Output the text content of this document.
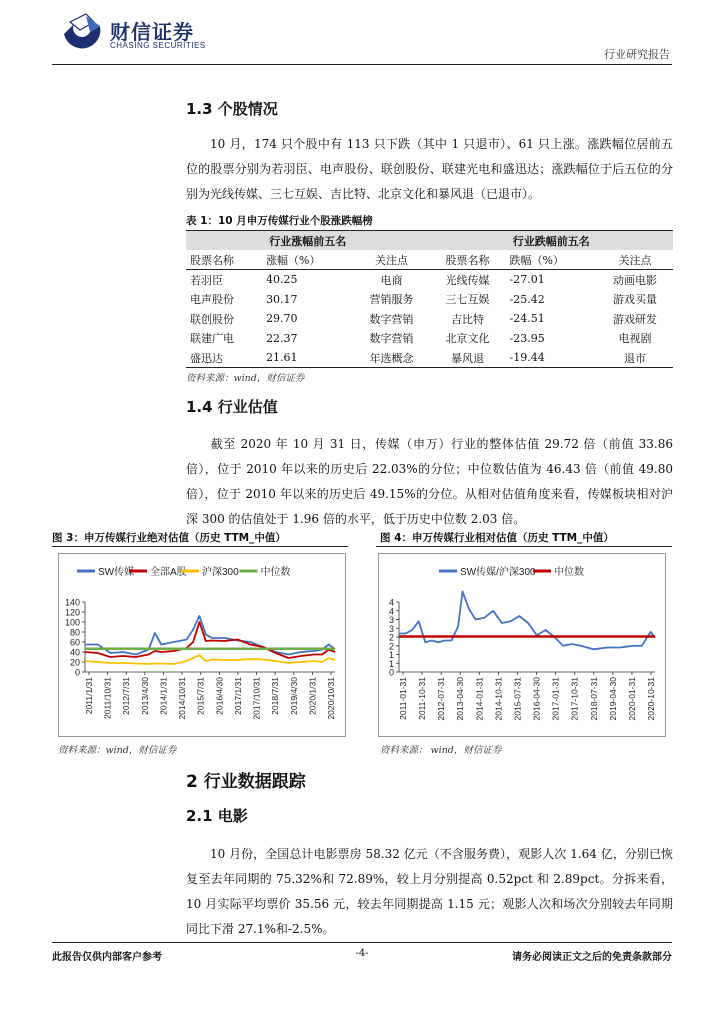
财信证券
CHASING SECURITIES
行业研究报告
1.3 个股情况

10 月，174 只个股中有 113 只下跌（其中 1 只退市）、61 只上涨。涨跌幅位居前五位的股票分别为若羽臣、电声股份、联创股份、联建光电和盛迅达；涨跌幅位于后五位的分别为光线传媒、三七互娱、吉比特、北京文化和暴风退（已退市）。

表 1：10 月申万传媒行业个股涨跌幅榜
行业涨幅前五名			行业跌幅前五名		
股票名称	涨幅（%）	关注点	股票名称	跌幅（%）	关注点
若羽臣	40.25	电商	光线传媒	-27.01	动画电影
电声股份	30.17	营销服务	三七互娱	-25.42	游戏买量
联创股份	29.70	数字营销	吉比特	-24.51	游戏研发
联建广电	22.37	数字营销	北京文化	-23.95	电视剧
盛迅达	21.61	年选概念	暴风退	-19.44	退市
资料来源：wind，财信证券
1.4 行业估值

截至 2020 年 10 月 31 日，传媒（申万）行业的整体估值 29.72 倍（前值 33.86 倍），位于 2010 年以来的历史后 22.03%的分位；中位数估值为 46.43 倍（前值 49.80 倍），位于 2010 年以来的历史后 49.15%的分位。从相对估值角度来看，传媒板块相对沪深 300 的估值处于 1.96 倍的水平，低于历史中位数 2.03 倍。

图 3：申万传媒行业绝对估值（历史 TTM_中值）	图 4：申万传媒行业相对估值（历史 TTM_中值）
SW传媒 全部A股 沪深300 中位数
0
20
40
60
80
100
120
140
2011/1/31 2011/10/31 2012/7/31 2013/4/30 2014/1/31 2014/10/31 2015/7/31 2016/4/30 2017/1/31 2017/10/31 2018/7/31 2019/4/30 2020/1/31 2020/10/31
SW传媒/沪深300 中位数
0
1
1
2
2
3
3
4
4
2011-01-31 2011-10-31 2012-07-31 2013-04-30 2014-01-31 2014-10-31 2015-07-31 2016-04-30 2017-01-31 2017-10-31 2018-07-31 2019-04-30 2020-01-31 2020-10-31
资料来源：wind，财信证券	资料来源： wind，财信证券
2 行业数据跟踪
2.1 电影

10 月份，全国总计电影票房 58.32 亿元（不含服务费），观影人次 1.64 亿，分别已恢复至去年同期的 75.32%和 72.89%，较上月分别提高 0.52pct 和 2.89pct。分拆来看，10 月实际平均票价 35.56 元，较去年同期提高 1.15 元；观影人次和场次分别较去年同期同比下滑 27.1%和-2.5%。

此报告仅供内部客户参考	-4-	请务必阅读正文之后的免责条款部分
